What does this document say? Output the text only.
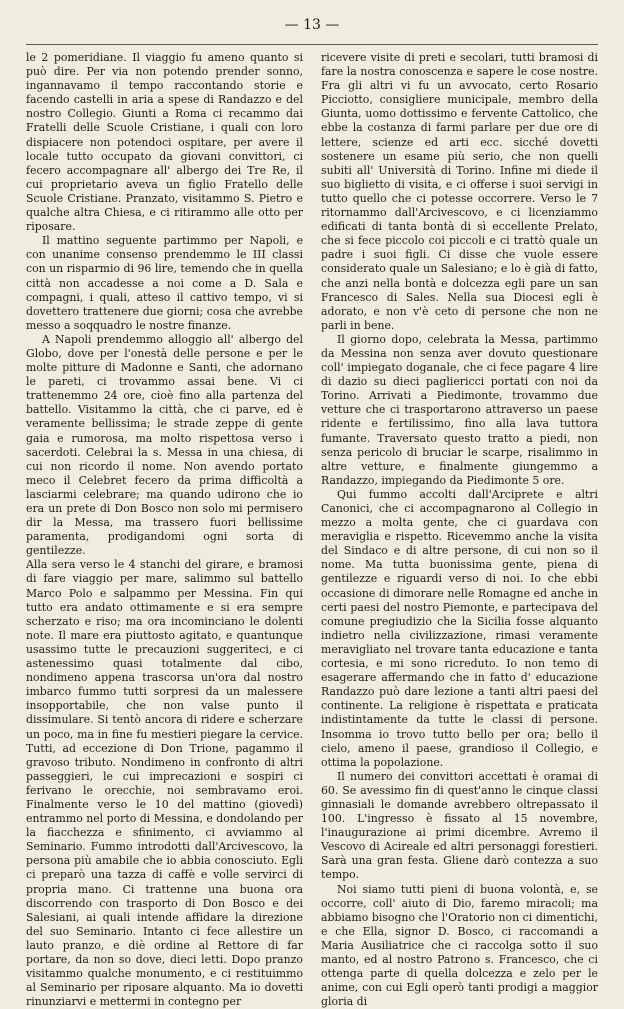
— 13 —

le 2 pomeridiane. Il viaggio fu ameno quanto si può dire. Per via non potendo prender sonno, ingannavamo il tempo raccontando storie e facendo castelli in aria a spese di Randazzo e del nostro Collegio. Giunti a Roma ci recammo dai Fratelli delle Scuole Cristiane, i quali con loro dispiacere non potendoci ospitare, per avere il locale tutto occupato da giovani convittori, ci fecero accompagnare all' albergo dei Tre Re, il cui proprietario aveva un figlio Fratello delle Scuole Cristiane. Pranzato, visitammo S. Pietro e qualche altra Chiesa, e ci ritirammo alle otto per riposare.

Il mattino seguente partimmo per Napoli, e con unanime consenso prendemmo le III classi con un risparmio di 96 lire, temendo che in quella città non accadesse a noi come a D. Sala e compagni, i quali, atteso il cattivo tempo, vi si dovettero trattenere due giorni; cosa che avrebbe messo a soqquadro le nostre finanze.

A Napoli prendemmo alloggio all' albergo del Globo, dove per l'onestà delle persone e per le molte pitture di Madonne e Santi, che adornano le pareti, ci trovammo assai bene. Vi ci trattenemmo 24 ore, cioè fino alla partenza del battello. Visitammo la città, che ci parve, ed è veramente bellissima; le strade zeppe di gente gaia e rumorosa, ma molto rispettosa verso i sacerdoti. Celebrai la s. Messa in una chiesa, di cui non ricordo il nome. Non avendo portato meco il Celebret fecero da prima difficoltà a lasciarmi celebrare; ma quando udirono che io era un prete di Don Bosco non solo mi permisero dir la Messa, ma trassero fuori bellissime paramenta, prodigandomi ogni sorta di gentilezze.

Alla sera verso le 4 stanchi del girare, e bramosi di fare viaggio per mare, salimmo sul battello Marco Polo e salpammo per Messina. Fin qui tutto era andato ottimamente e si era sempre scherzato e riso; ma ora incominciano le dolenti note. Il mare era piuttosto agitato, e quantunque usassimo tutte le precauzioni suggeriteci, e ci astenessimo quasi totalmente dal cibo, nondimeno appena trascorsa un'ora dal nostro imbarco fummo tutti sorpresi da un malessere insopportabile, che non valse punto il dissimulare. Si tentò ancora di ridere e scherzare un poco, ma in fine fu mestieri piegare la cervice. Tutti, ad eccezione di Don Trione, pagammo il gravoso tributo. Nondimeno in confronto di altri passeggieri, le cui imprecazioni e sospiri ci ferivano le orecchie, noi sembravamo eroi. Finalmente verso le 10 del mattino (giovedì) entrammo nel porto di Messina, e dondolando per la fiacchezza e sfinimento, ci avviammo al Seminario. Fummo introdotti dall'Arcivescovo, la persona più amabile che io abbia conosciuto. Egli ci preparò una tazza di caffè e volle servirci di propria mano. Ci trattenne una buona ora discorrendo con trasporto di Don Bosco e dei Salesiani, ai quali intende affidare la direzione del suo Seminario. Intanto ci fece allestire un lauto pranzo, e diè ordine al Rettore di far portare, da non so dove, dieci letti. Dopo pranzo visitammo qualche monumento, e ci restituimmo al Seminario per riposare alquanto. Ma io dovetti rinunziarvi e mettermi in contegno per

ricevere visite di preti e secolari, tutti bramosi di fare la nostra conoscenza e sapere le cose nostre. Fra gli altri vi fu un avvocato, certo Rosario Picciotto, consigliere municipale, membro della Giunta, uomo dottissimo e fervente Cattolico, che ebbe la costanza di farmi parlare per due ore di lettere, scienze ed arti ecc. sicché dovetti sostenere un esame più serio, che non quelli subiti all' Università di Torino. Infine mi diede il suo biglietto di visita, e ci offerse i suoi servigi in tutto quello che ci potesse occorrere. Verso le 7 ritornammo dall'Arcivescovo, e ci licenziammo edificati di tanta bontà di sì eccellente Prelato, che si fece piccolo coi piccoli e ci trattò quale un padre i suoi figli. Ci disse che vuole essere considerato quale un Salesiano; e lo è già di fatto, che anzi nella bontà e dolcezza egli pare un san Francesco di Sales. Nella sua Diocesi egli è adorato, e non v'è ceto di persone che non ne parli in bene.

Il giorno dopo, celebrata la Messa, partimmo da Messina non senza aver dovuto questionare coll' impiegato doganale, che ci fece pagare 4 lire di dazio su dieci pagliericci portati con noi da Torino. Arrivati a Piedimonte, trovammo due vetture che ci trasportarono attraverso un paese ridente e fertilissimo, fino alla lava tuttora fumante. Traversato questo tratto a piedi, non senza pericolo di bruciar le scarpe, risalimmo in altre vetture, e finalmente giungemmo a Randazzo, impiegando da Piedimonte 5 ore.

Qui fummo accolti dall'Arciprete e altri Canonici, che ci accompagnarono al Collegio in mezzo a molta gente, che ci guardava con meraviglia e rispetto. Ricevemmo anche la visita del Sindaco e di altre persone, di cui non so il nome. Ma tutta buonissima gente, piena di gentilezze e riguardi verso di noi. Io che ebbi occasione di dimorare nelle Romagne ed anche in certi paesi del nostro Piemonte, e partecipava del comune pregiudizio che la Sicilia fosse alquanto indietro nella civilizzazione, rimasi veramente meravigliato nel trovare tanta educazione e tanta cortesia, e mi sono ricreduto. Io non temo di esagerare affermando che in fatto d' educazione Randazzo può dare lezione a tanti altri paesi del continente. La religione è rispettata e praticata indistintamente da tutte le classi di persone. Insomma io trovo tutto bello per ora; bello il cielo, ameno il paese, grandioso il Collegio, e ottima la popolazione.

Il numero dei convittori accettati è oramai di 60. Se avessimo fin di quest'anno le cinque classi ginnasiali le domande avrebbero oltrepassato il 100. L'ingresso è fissato al 15 novembre, l'inaugurazione ai primi dicembre. Avremo il Vescovo di Acireale ed altri personaggi forestieri. Sarà una gran festa. Gliene darò contezza a suo tempo.

Noi siamo tutti pieni di buona volontà, e, se occorre, coll' aiuto di Dio, faremo miracoli; ma abbiamo bisogno che l'Oratorio non ci dimentichi, e che Ella, signor D. Bosco, ci raccomandi a Maria Ausiliatrice che ci raccolga sotto il suo manto, ed al nostro Patrono s. Francesco, che ci ottenga parte di quella dolcezza e zelo per le anime, con cui Egli operò tanti prodigi a maggior gloria di
